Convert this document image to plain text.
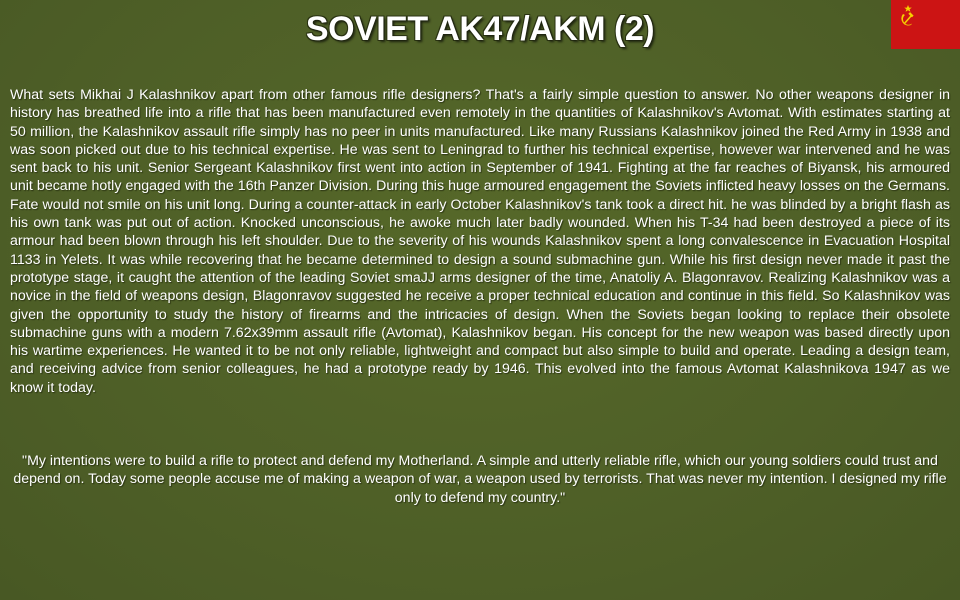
SOVIET AK47/AKM (2)
What sets Mikhai J Kalashnikov apart from other famous rifle designers? That's a fairly simple question to answer. No other weapons designer in history has breathed life into a rifle that has been manufactured even remotely in the quantities of Kalashnikov's Avtomat. With estimates starting at 50 million, the Kalashnikov assault rifle simply has no peer in units manufactured. Like many Russians Kalashnikov joined the Red Army in 1938 and was soon picked out due to his technical expertise. He was sent to Leningrad to further his technical expertise, however war intervened and he was sent back to his unit. Senior Sergeant Kalashnikov first went into action in September of 1941. Fighting at the far reaches of Biyansk, his armoured unit became hotly engaged with the 16th Panzer Division. During this huge armoured engagement the Soviets inflicted heavy losses on the Germans. Fate would not smile on his unit long. During a counter-attack in early October Kalashnikov's tank took a direct hit. he was blinded by a bright flash as his own tank was put out of action. Knocked unconscious, he awoke much later badly wounded. When his T-34 had been destroyed a piece of its armour had been blown through his left shoulder. Due to the severity of his wounds Kalashnikov spent a long convalescence in Evacuation Hospital 1133 in Yelets. It was while recovering that he became determined to design a sound submachine gun. While his first design never made it past the prototype stage, it caught the attention of the leading Soviet smaJJ arms designer of the time, Anatoliy A. Blagonravov. Realizing Kalashnikov was a novice in the field of weapons design, Blagonravov suggested he receive a proper technical education and continue in this field. So Kalashnikov was given the opportunity to study the history of firearms and the intricacies of design. When the Soviets began looking to replace their obsolete submachine guns with a modern 7.62x39mm assault rifle (Avtomat), Kalashnikov began. His concept for the new weapon was based directly upon his wartime experiences. He wanted it to be not only reliable, lightweight and compact but also simple to build and operate. Leading a design team, and receiving advice from senior colleagues, he had a prototype ready by 1946. This evolved into the famous Avtomat Kalashnikova 1947 as we know it today.
"My intentions were to build a rifle to protect and defend my Motherland. A simple and utterly reliable rifle, which our young soldiers could trust and depend on. Today some people accuse me of making a weapon of war, a weapon used by terrorists. That was never my intention. I designed my rifle only to defend my country."
